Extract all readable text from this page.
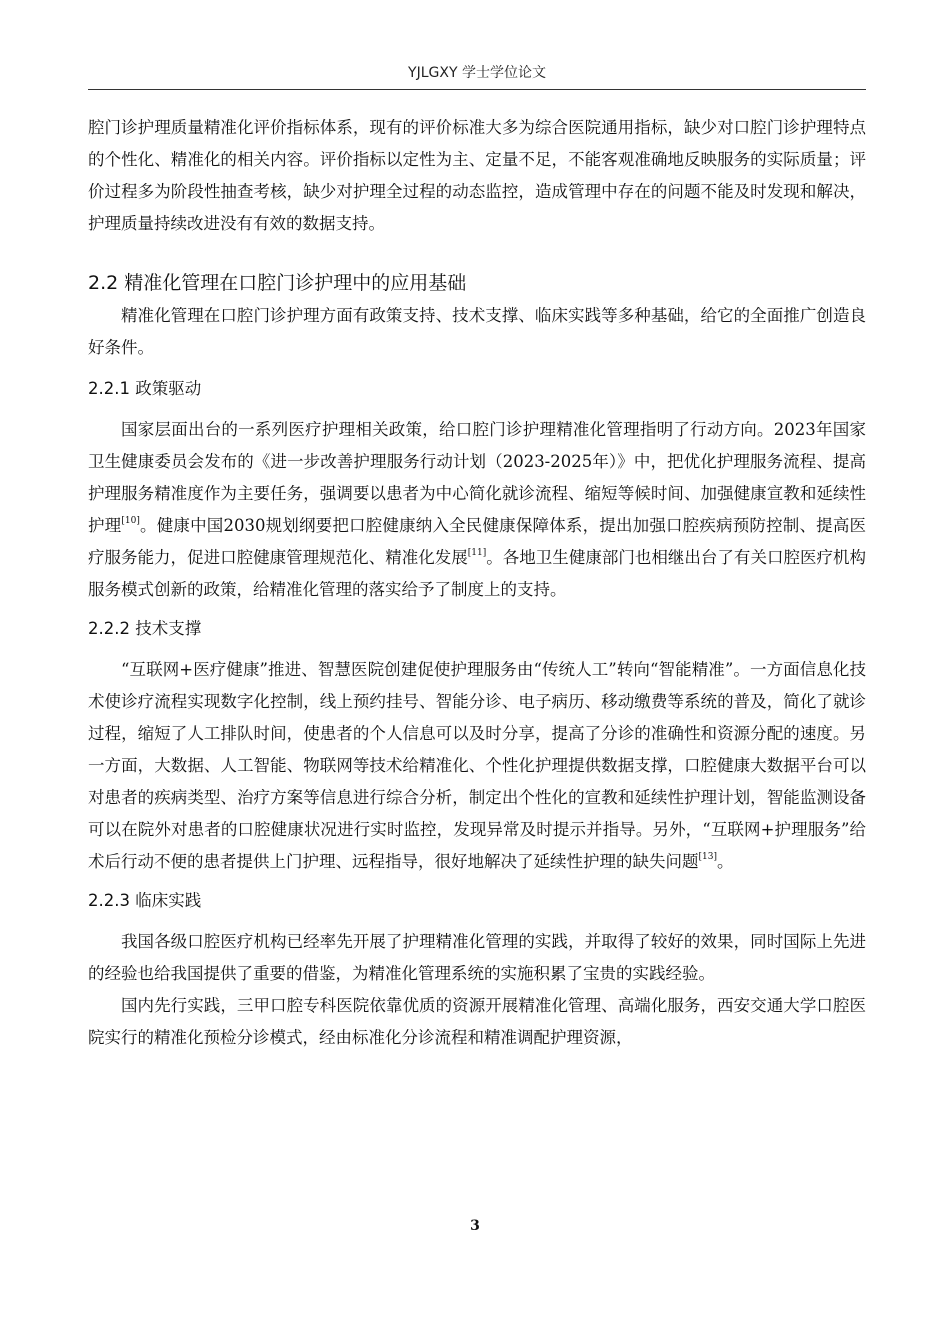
YJLGXY 学士学位论文

腔门诊护理质量精准化评价指标体系，现有的评价标准大多为综合医院通用指标，缺少对口腔门诊护理特点的个性化、精准化的相关内容。评价指标以定性为主、定量不足，不能客观准确地反映服务的实际质量；评价过程多为阶段性抽查考核，缺少对护理全过程的动态监控，造成管理中存在的问题不能及时发现和解决，护理质量持续改进没有有效的数据支持。

2.2 精准化管理在口腔门诊护理中的应用基础

精准化管理在口腔门诊护理方面有政策支持、技术支撑、临床实践等多种基础，给它的全面推广创造良好条件。

2.2.1 政策驱动

国家层面出台的一系列医疗护理相关政策，给口腔门诊护理精准化管理指明了行动方向。2023年国家卫生健康委员会发布的《进一步改善护理服务行动计划（2023-2025年）》中，把优化护理服务流程、提高护理服务精准度作为主要任务，强调要以患者为中心简化就诊流程、缩短等候时间、加强健康宣教和延续性护理[10]。健康中国2030规划纲要把口腔健康纳入全民健康保障体系，提出加强口腔疾病预防控制、提高医疗服务能力，促进口腔健康管理规范化、精准化发展[11]。各地卫生健康部门也相继出台了有关口腔医疗机构服务模式创新的政策，给精准化管理的落实给予了制度上的支持。

2.2.2 技术支撑

“互联网+医疗健康”推进、智慧医院创建促使护理服务由“传统人工”转向“智能精准”。一方面信息化技术使诊疗流程实现数字化控制，线上预约挂号、智能分诊、电子病历、移动缴费等系统的普及，简化了就诊过程，缩短了人工排队时间，使患者的个人信息可以及时分享，提高了分诊的准确性和资源分配的速度。另一方面，大数据、人工智能、物联网等技术给精准化、个性化护理提供数据支撑，口腔健康大数据平台可以对患者的疾病类型、治疗方案等信息进行综合分析，制定出个性化的宣教和延续性护理计划，智能监测设备可以在院外对患者的口腔健康状况进行实时监控，发现异常及时提示并指导。另外，“互联网+护理服务”给术后行动不便的患者提供上门护理、远程指导，很好地解决了延续性护理的缺失问题[13]。

2.2.3 临床实践

我国各级口腔医疗机构已经率先开展了护理精准化管理的实践，并取得了较好的效果，同时国际上先进的经验也给我国提供了重要的借鉴，为精准化管理系统的实施积累了宝贵的实践经验。

国内先行实践，三甲口腔专科医院依靠优质的资源开展精准化管理、高端化服务，西安交通大学口腔医院实行的精准化预检分诊模式，经由标准化分诊流程和精准调配护理资源，

3
